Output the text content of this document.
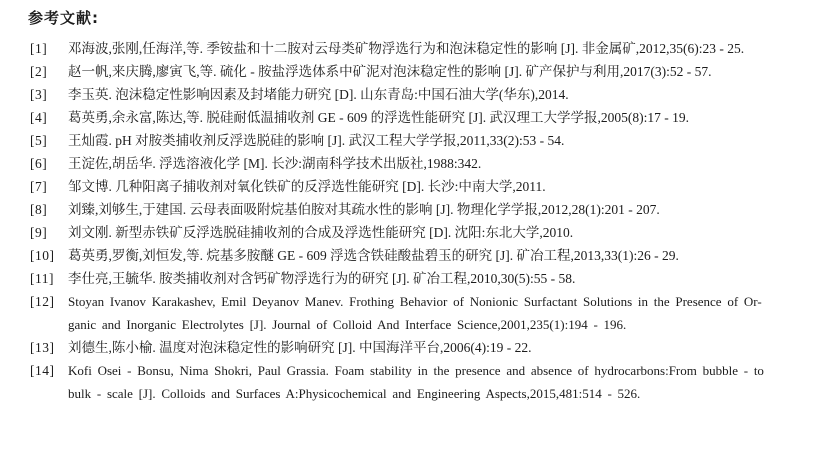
参考文献:
[1] 邓海波,张刚,任海洋,等. 季铵盐和十二胺对云母类矿物浮选行为和泡沫稳定性的影响 [J]. 非金属矿,2012,35(6):23 - 25.
[2] 赵一帆,来庆腾,廖寅飞,等. 硫化 - 胺盐浮选体系中矿泥对泡沫稳定性的影响 [J]. 矿产保护与利用,2017(3):52 - 57.
[3] 李玉英. 泡沫稳定性影响因素及封堵能力研究 [D]. 山东青岛:中国石油大学(华东),2014.
[4] 葛英勇,余永富,陈达,等. 脱硅耐低温捕收剂 GE - 609 的浮选性能研究 [J]. 武汉理工大学学报,2005(8):17 - 19.
[5] 王灿霞. pH 对胺类捕收剂反浮选脱硅的影响 [J]. 武汉工程大学学报,2011,33(2):53 - 54.
[6] 王淀佐,胡岳华. 浮选溶液化学 [M]. 长沙:湖南科学技术出版社,1988:342.
[7] 邹文博. 几种阳离子捕收剂对氧化铁矿的反浮选性能研究 [D]. 长沙:中南大学,2011.
[8] 刘臻,刘够生,于建国. 云母表面吸附烷基伯胺对其疏水性的影响 [J]. 物理化学学报,2012,28(1):201 - 207.
[9] 刘文刚. 新型赤铁矿反浮选脱硅捕收剂的合成及浮选性能研究 [D]. 沈阳:东北大学,2010.
[10] 葛英勇,罗衡,刘恒发,等. 烷基多胺醚 GE - 609 浮选含铁硅酸盐碧玉的研究 [J]. 矿冶工程,2013,33(1):26 - 29.
[11] 李仕亮,王毓华. 胺类捕收剂对含钙矿物浮选行为的研究 [J]. 矿冶工程,2010,30(5):55 - 58.
[12] Stoyan Ivanov Karakashev, Emil Deyanov Manev. Frothing Behavior of Nonionic Surfactant Solutions in the Presence of Or-
ganic and Inorganic Electrolytes [J]. Journal of Colloid And Interface Science,2001,235(1):194 - 196.
[13] 刘德生,陈小榆. 温度对泡沫稳定性的影响研究 [J]. 中国海洋平台,2006(4):19 - 22.
[14] Kofi Osei - Bonsu, Nima Shokri, Paul Grassia. Foam stability in the presence and absence of hydrocarbons:From bubble - to
bulk - scale [J]. Colloids and Surfaces A:Physicochemical and Engineering Aspects,2015,481:514 - 526.
